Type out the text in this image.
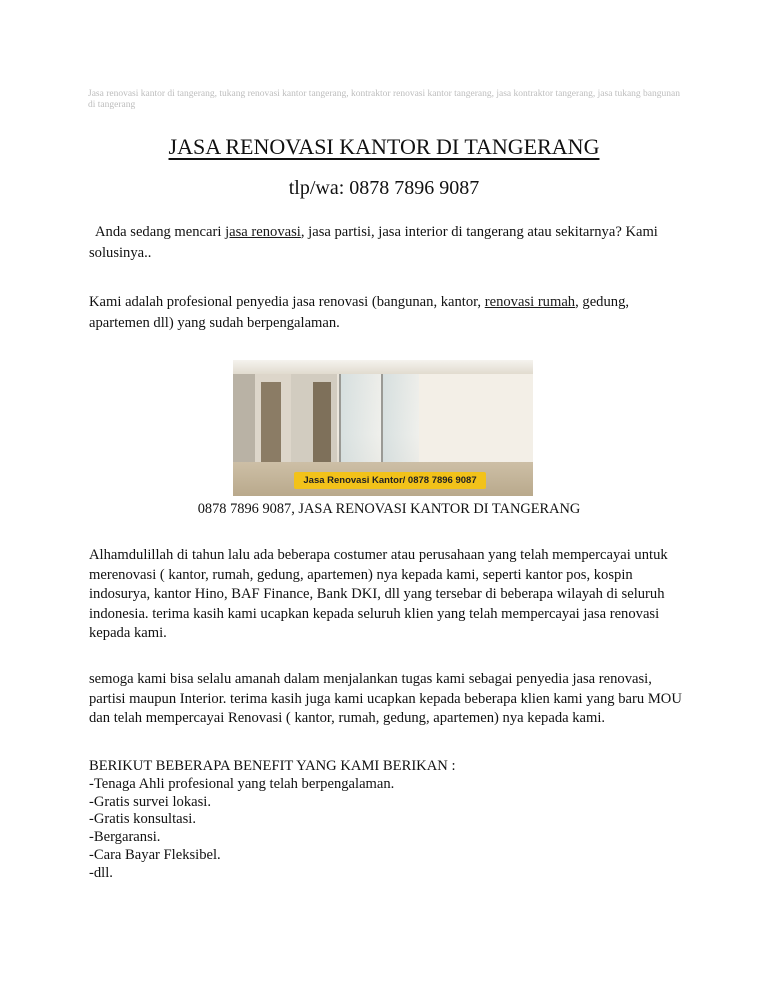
Jasa renovasi kantor di tangerang, tukang renovasi kantor tangerang, kontraktor renovasi kantor tangerang, jasa kontraktor tangerang, jasa tukang bangunan di tangerang
JASA RENOVASI KANTOR DI TANGERANG
tlp/wa: 0878 7896 9087
Anda sedang mencari jasa renovasi, jasa partisi, jasa interior di tangerang atau sekitarnya? Kami solusinya..
Kami adalah profesional penyedia jasa renovasi (bangunan, kantor, renovasi rumah, gedung, apartemen dll) yang sudah berpengalaman.
Jasa Renovasi Kantor/ 0878 7896 9087
0878 7896 9087, JASA RENOVASI KANTOR DI TANGERANG
Alhamdulillah di tahun lalu ada beberapa costumer atau perusahaan yang telah mempercayai untuk merenovasi ( kantor, rumah, gedung, apartemen) nya kepada kami, seperti kantor pos, kospin indosurya, kantor Hino, BAF Finance, Bank DKI, dll yang tersebar di beberapa wilayah di seluruh indonesia. terima kasih kami ucapkan kepada seluruh klien yang telah mempercayai jasa renovasi kepada kami.
semoga kami bisa selalu amanah dalam menjalankan tugas kami sebagai penyedia jasa renovasi, partisi maupun Interior. terima kasih juga kami ucapkan kepada beberapa klien kami yang baru MOU dan telah mempercayai Renovasi ( kantor, rumah, gedung, apartemen) nya kepada kami.
BERIKUT BEBERAPA BENEFIT YANG KAMI BERIKAN :
-Tenaga Ahli profesional yang telah berpengalaman.
-Gratis survei lokasi.
-Gratis konsultasi.
-Bergaransi.
-Cara Bayar Fleksibel.
-dll.
